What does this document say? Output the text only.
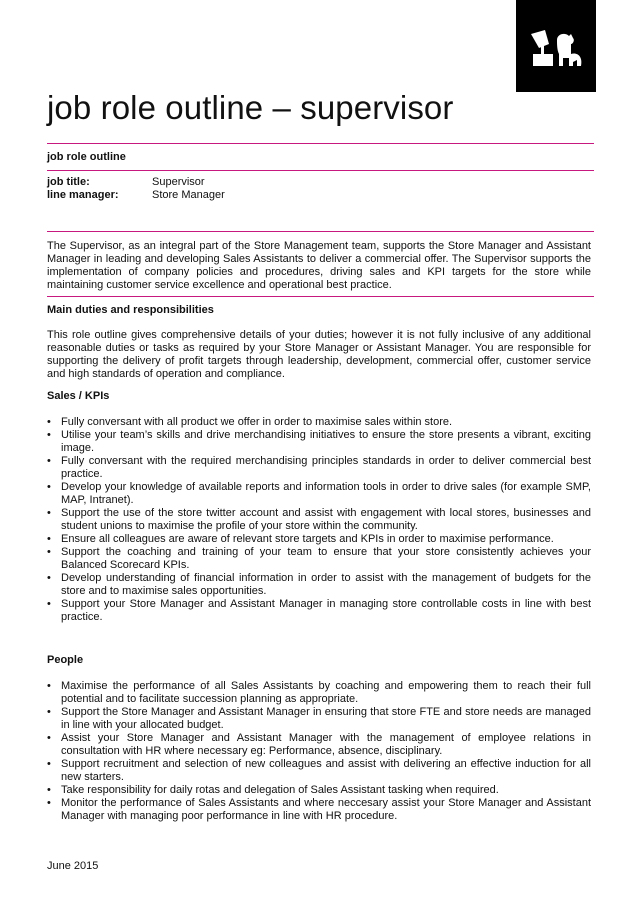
job role outline – supervisor

job role outline

job title:	Supervisor
line manager:	Store Manager

The Supervisor, as an integral part of the Store Management team, supports the Store Manager and Assistant Manager in leading and developing Sales Assistants to deliver a commercial offer. The Supervisor supports the implementation of company policies and procedures, driving sales and KPI targets for the store while maintaining customer service excellence and operational best practice.

Main duties and responsibilities

This role outline gives comprehensive details of your duties; however it is not fully inclusive of any additional reasonable duties or tasks as required by your Store Manager or Assistant Manager. You are responsible for supporting the delivery of profit targets through leadership, development, commercial offer, customer service and high standards of operation and compliance.

Sales / KPIs

• Fully conversant with all product we offer in order to maximise sales within store.
• Utilise your team’s skills and drive merchandising initiatives to ensure the store presents a vibrant, exciting image.
• Fully conversant with the required merchandising principles standards in order to deliver commercial best practice.
• Develop your knowledge of available reports and information tools in order to drive sales (for example SMP, MAP, Intranet).
• Support the use of the store twitter account and assist with engagement with local stores, businesses and student unions to maximise the profile of your store within the community.
• Ensure all colleagues are aware of relevant store targets and KPIs in order to maximise performance.
• Support the coaching and training of your team to ensure that your store consistently achieves your Balanced Scorecard KPIs.
• Develop understanding of financial information in order to assist with the management of budgets for the store and to maximise sales opportunities.
• Support your Store Manager and Assistant Manager in managing store controllable costs in line with best practice.

People

• Maximise the performance of all Sales Assistants by coaching and empowering them to reach their full potential and to facilitate succession planning as appropriate.
• Support the Store Manager and Assistant Manager in ensuring that store FTE and store needs are managed in line with your allocated budget.
• Assist your Store Manager and Assistant Manager with the management of employee relations in consultation with HR where necessary eg: Performance, absence, disciplinary.
• Support recruitment and selection of new colleagues and assist with delivering an effective induction for all new starters.
• Take responsibility for daily rotas and delegation of Sales Assistant tasking when required.
• Monitor the performance of Sales Assistants and where neccesary assist your Store Manager and Assistant Manager with managing poor performance in line with HR procedure.
June 2015
